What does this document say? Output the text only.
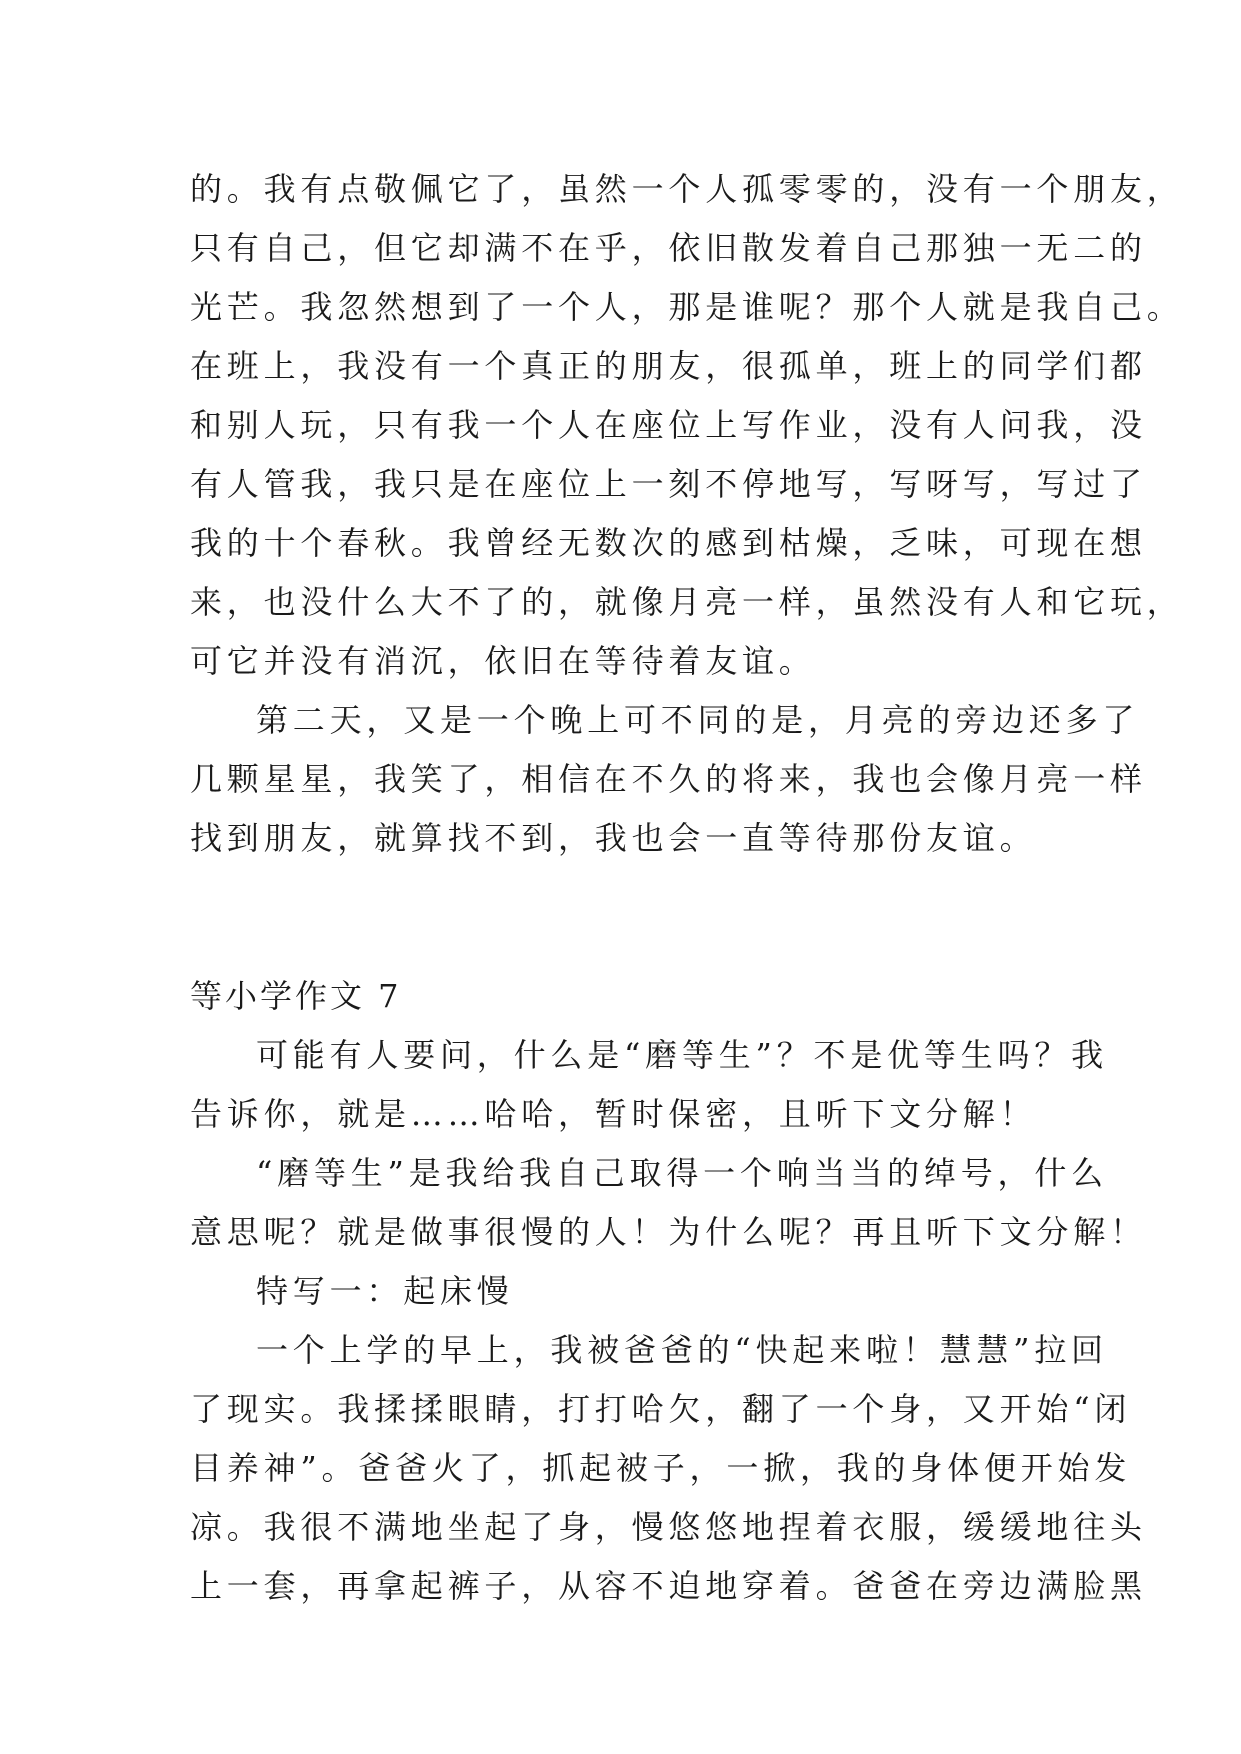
的。我有点敬佩它了，虽然一个人孤零零的，没有一个朋友，

只有自己，但它却满不在乎，依旧散发着自己那独一无二的

光芒。我忽然想到了一个人，那是谁呢？那个人就是我自己。

在班上，我没有一个真正的朋友，很孤单，班上的同学们都

和别人玩，只有我一个人在座位上写作业，没有人问我，没

有人管我，我只是在座位上一刻不停地写，写呀写，写过了

我的十个春秋。我曾经无数次的感到枯燥，乏味，可现在想

来，也没什么大不了的，就像月亮一样，虽然没有人和它玩，

可它并没有消沉，依旧在等待着友谊。

第二天，又是一个晚上可不同的是，月亮的旁边还多了

几颗星星，我笑了，相信在不久的将来，我也会像月亮一样

找到朋友，就算找不到，我也会一直等待那份友谊。

等小学作文 7

可能有人要问，什么是“磨等生”？不是优等生吗？我

告诉你，就是……哈哈，暂时保密，且听下文分解！

“磨等生”是我给我自己取得一个响当当的绰号，什么

意思呢？就是做事很慢的人！为什么呢？再且听下文分解！

特写一：起床慢

一个上学的早上，我被爸爸的“快起来啦！慧慧”拉回

了现实。我揉揉眼睛，打打哈欠，翻了一个身，又开始“闭

目养神”。爸爸火了，抓起被子，一掀，我的身体便开始发

凉。我很不满地坐起了身，慢悠悠地捏着衣服，缓缓地往头

上一套，再拿起裤子，从容不迫地穿着。爸爸在旁边满脸黑
